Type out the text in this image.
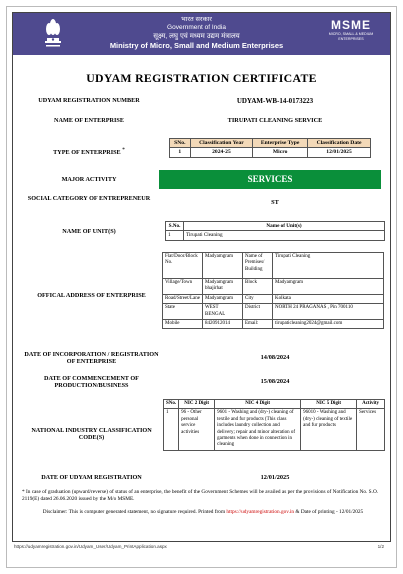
भारत सरकार
Government of India
सूक्ष्म, लघु एवं मध्यम उद्यम मंत्रालय
Ministry of Micro, Small and Medium Enterprises
MSME
MICRO, SMALL & MEDIUM ENTERPRISES
UDYAM REGISTRATION CERTIFICATE
UDYAM REGISTRATION NUMBER	UDYAM-WB-14-0173223
NAME OF ENTERPRISE	TIRUPATI CLEANING SERVICE
TYPE OF ENTERPRISE *
SNo.	Classification Year	Enterprise Type	Classification Date
1	2024-25	Micro	12/01/2025
MAJOR ACTIVITY	SERVICES
SOCIAL CATEGORY OF ENTREPRENEUR
ST
NAME OF UNIT(S)
S.No.	Name of Unit(s)
1	Tirupati Cleaning
OFFICAL ADDRESS OF ENTERPRISE
Flat/Door/Block No.	Madyamgram	Name of Premises/ Building	Tirupati Cleaning
Village/Town	Madyamgram bhajirhat	Block	Madyamgram
Road/Street/Lane	Madyamgram	City	Kolkata
State	WEST BENGAL	District	NORTH 24 PRAGANAS , Pin 700110
Mobile	8420912014	Email:	tirupaticleaning2024@gmail.com
DATE OF INCORPORATION / REGISTRATION OF ENTERPRISE
14/08/2024
DATE OF COMMENCEMENT OF PRODUCTION/BUSINESS
15/08/2024
NATIONAL INDUSTRY CLASSIFICATION CODE(S)
SNo.	NIC 2 Digit	NIC 4 Digit	NIC 5 Digit	Activity
1	96 - Other personal service activities	9601 - Washing and (dry-) cleaning of textile and fur products (This class includes laundry collection and delivery; repair and minor alteration of garments when done in connection in cleaning	96010 - Washing and (dry-) cleaning of textile and fur products	Services
DATE OF UDYAM REGISTRATION	12/01/2025
* In case of graduation (upward/reverse) of status of an enterprise, the benefit of the Government Schemes will be availed as per the provisions of Notification No. S.O. 2119(E) dated 26.06.2020 issued by the M/o MSME.
Disclaimer: This is computer generated statement, no signature required. Printed from https://udyamregistration.gov.in & Date of printing - 12/01/2025
https://udyamregistration.gov.in/Udyam_User/Udyam_PrintApplication.aspx	1/2
